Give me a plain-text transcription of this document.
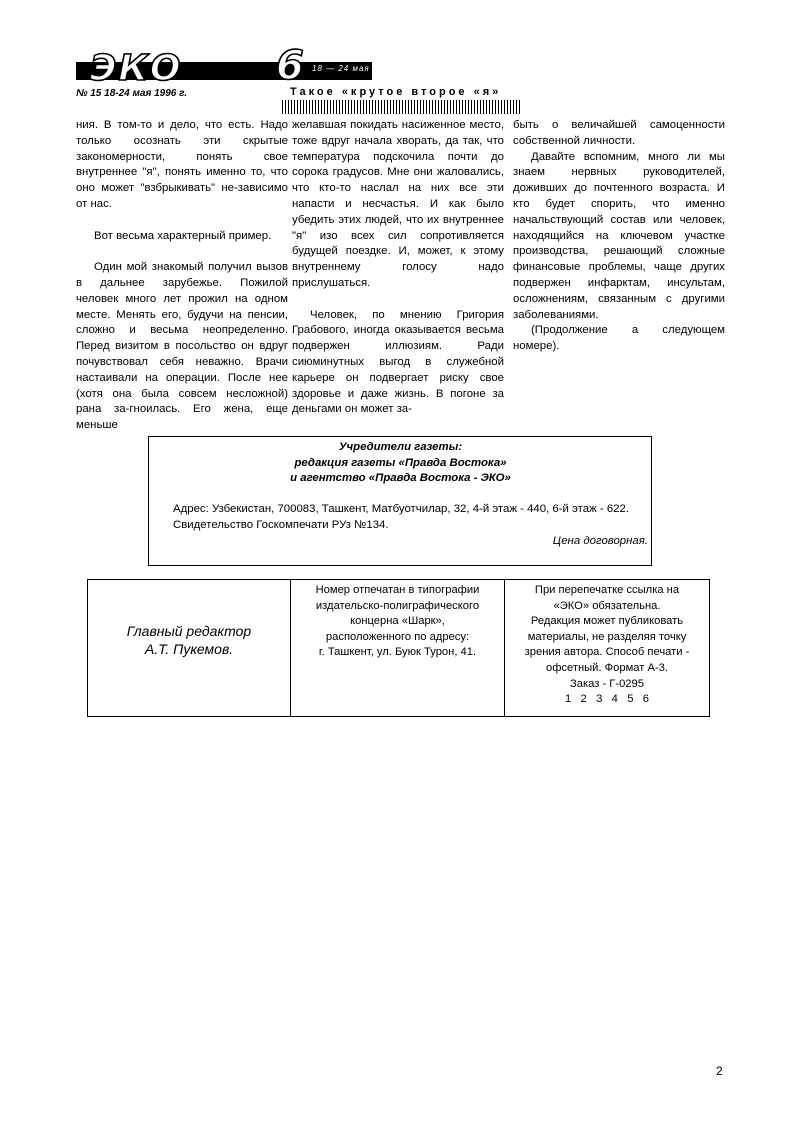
ЭКО 6 18 — 24 мая
№ 15 18-24 мая 1996 г.	Такое «крутое второе «я»

ния. В том-то и дело, что есть. Надо только осознать эти скрытые закономерности, понять свое внутреннее "я", понять именно то, что оно может "взбрыкивать" не-зависимо от нас.

Вот весьма характерный пример.

Один мой знакомый получил вызов в дальнее зарубежье. Пожилой человек много лет прожил на одном месте. Менять его, будучи на пенсии, сложно и весьма неопределенно. Перед визитом в посольство он вдруг почувствовал себя неважно. Врачи настаивали на операции. После нее (хотя она была совсем несложной) рана за-гноилась. Его жена, еще меньше

желавшая покидать насиженное место, тоже вдруг начала хворать, да так, что температура подскочила почти до сорока градусов. Мне они жаловались, что кто-то наслал на них все эти напасти и несчастья. И как было убедить этих людей, что их внутреннее "я" изо всех сил сопротивляется будущей поездке. И, может, к этому внутреннему голосу надо прислушаться.

Человек, по мнению Григория Грабового, иногда оказывается весьма подвержен иллюзиям. Ради сиюминутных выгод в служебной карьере он подвергает риску свое здоровье и даже жизнь. В погоне за деньгами он может за-

быть о величайшей самоценности собственной личности.

Давайте вспомним, много ли мы знаем нервных руководителей, доживших до почтенного возраста. И кто будет спорить, что именно начальствующий состав или человек, находящийся на ключевом участке производства, решающий сложные финансовые проблемы, чаще других подвержен инфарктам, инсультам, осложнениям, связанным с другими заболеваниями.

(Продолжение а следующем номере).

Учредители газеты:
редакция газеты «Правда Востока»
и агентство «Правда Востока - ЭКО»
Адрес: Узбекистан, 700083, Ташкент, Матбуотчилар, 32, 4-й этаж - 440, 6-й этаж - 622.
Свидетельство Госкомпечати РУз №134.
Цена договорная.
Главный редактор
А.Т. Пукемов.

Номер отпечатан в типографии
издательско-полиграфического
концерна «Шарк»,
расположенного по адресу:
г. Ташкент, ул. Буюк Турон, 41.

При перепечатке ссылка на
«ЭКО» обязательна.
Редакция может публиковать
материалы, не разделяя точку
зрения автора. Способ печати -
офсетный. Формат А-3.
Заказ - Г-0295
1   2   3   4   5   6
2
